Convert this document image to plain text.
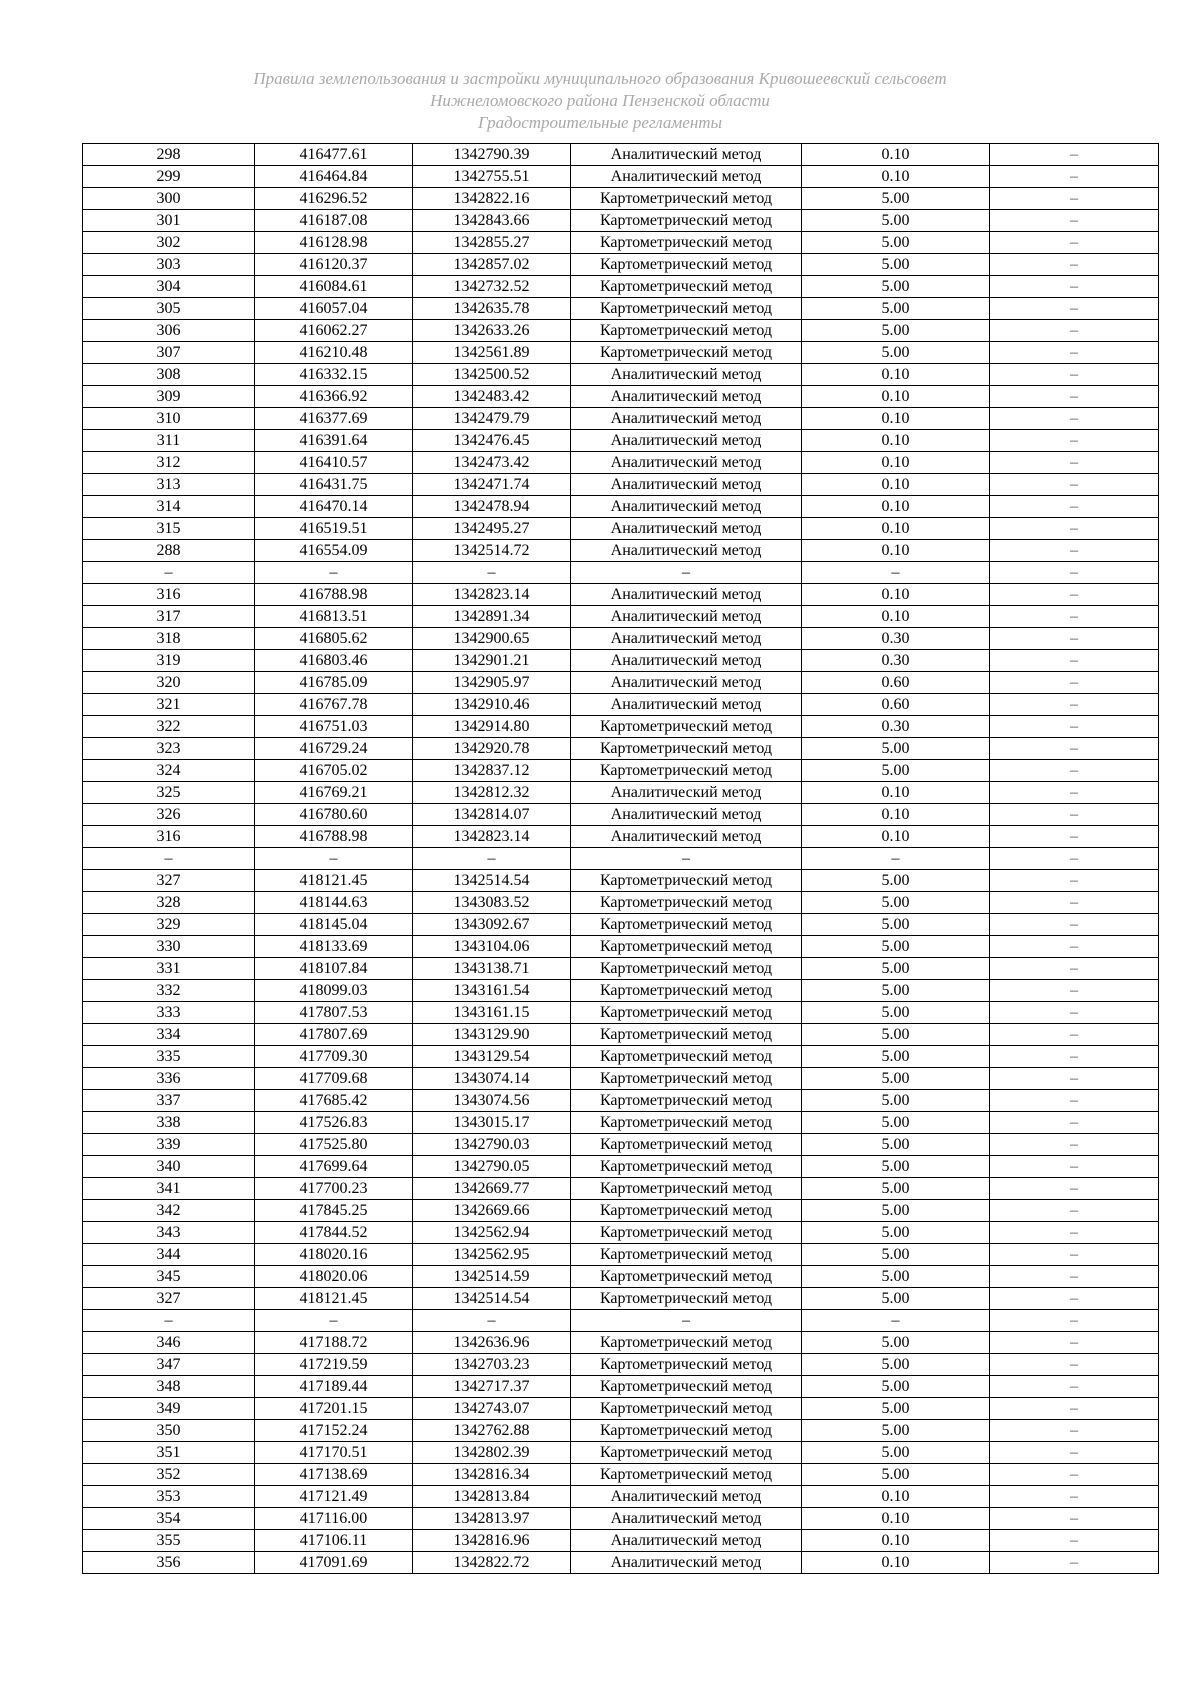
Правила землепользования и застройки муниципального образования Кривошеевский сельсовет
Нижнеломовского района Пензенской области
Градостроительные регламенты
298	416477.61	1342790.39	Аналитический метод	0.10	–
299	416464.84	1342755.51	Аналитический метод	0.10	–
300	416296.52	1342822.16	Картометрический метод	5.00	–
301	416187.08	1342843.66	Картометрический метод	5.00	–
302	416128.98	1342855.27	Картометрический метод	5.00	–
303	416120.37	1342857.02	Картометрический метод	5.00	–
304	416084.61	1342732.52	Картометрический метод	5.00	–
305	416057.04	1342635.78	Картометрический метод	5.00	–
306	416062.27	1342633.26	Картометрический метод	5.00	–
307	416210.48	1342561.89	Картометрический метод	5.00	–
308	416332.15	1342500.52	Аналитический метод	0.10	–
309	416366.92	1342483.42	Аналитический метод	0.10	–
310	416377.69	1342479.79	Аналитический метод	0.10	–
311	416391.64	1342476.45	Аналитический метод	0.10	–
312	416410.57	1342473.42	Аналитический метод	0.10	–
313	416431.75	1342471.74	Аналитический метод	0.10	–
314	416470.14	1342478.94	Аналитический метод	0.10	–
315	416519.51	1342495.27	Аналитический метод	0.10	–
288	416554.09	1342514.72	Аналитический метод	0.10	–
–	–	–	–	–	–
316	416788.98	1342823.14	Аналитический метод	0.10	–
317	416813.51	1342891.34	Аналитический метод	0.10	–
318	416805.62	1342900.65	Аналитический метод	0.30	–
319	416803.46	1342901.21	Аналитический метод	0.30	–
320	416785.09	1342905.97	Аналитический метод	0.60	–
321	416767.78	1342910.46	Аналитический метод	0.60	–
322	416751.03	1342914.80	Картометрический метод	0.30	–
323	416729.24	1342920.78	Картометрический метод	5.00	–
324	416705.02	1342837.12	Картометрический метод	5.00	–
325	416769.21	1342812.32	Аналитический метод	0.10	–
326	416780.60	1342814.07	Аналитический метод	0.10	–
316	416788.98	1342823.14	Аналитический метод	0.10	–
–	–	–	–	–	–
327	418121.45	1342514.54	Картометрический метод	5.00	–
328	418144.63	1343083.52	Картометрический метод	5.00	–
329	418145.04	1343092.67	Картометрический метод	5.00	–
330	418133.69	1343104.06	Картометрический метод	5.00	–
331	418107.84	1343138.71	Картометрический метод	5.00	–
332	418099.03	1343161.54	Картометрический метод	5.00	–
333	417807.53	1343161.15	Картометрический метод	5.00	–
334	417807.69	1343129.90	Картометрический метод	5.00	–
335	417709.30	1343129.54	Картометрический метод	5.00	–
336	417709.68	1343074.14	Картометрический метод	5.00	–
337	417685.42	1343074.56	Картометрический метод	5.00	–
338	417526.83	1343015.17	Картометрический метод	5.00	–
339	417525.80	1342790.03	Картометрический метод	5.00	–
340	417699.64	1342790.05	Картометрический метод	5.00	–
341	417700.23	1342669.77	Картометрический метод	5.00	–
342	417845.25	1342669.66	Картометрический метод	5.00	–
343	417844.52	1342562.94	Картометрический метод	5.00	–
344	418020.16	1342562.95	Картометрический метод	5.00	–
345	418020.06	1342514.59	Картометрический метод	5.00	–
327	418121.45	1342514.54	Картометрический метод	5.00	–
–	–	–	–	–	–
346	417188.72	1342636.96	Картометрический метод	5.00	–
347	417219.59	1342703.23	Картометрический метод	5.00	–
348	417189.44	1342717.37	Картометрический метод	5.00	–
349	417201.15	1342743.07	Картометрический метод	5.00	–
350	417152.24	1342762.88	Картометрический метод	5.00	–
351	417170.51	1342802.39	Картометрический метод	5.00	–
352	417138.69	1342816.34	Картометрический метод	5.00	–
353	417121.49	1342813.84	Аналитический метод	0.10	–
354	417116.00	1342813.97	Аналитический метод	0.10	–
355	417106.11	1342816.96	Аналитический метод	0.10	–
356	417091.69	1342822.72	Аналитический метод	0.10	–
